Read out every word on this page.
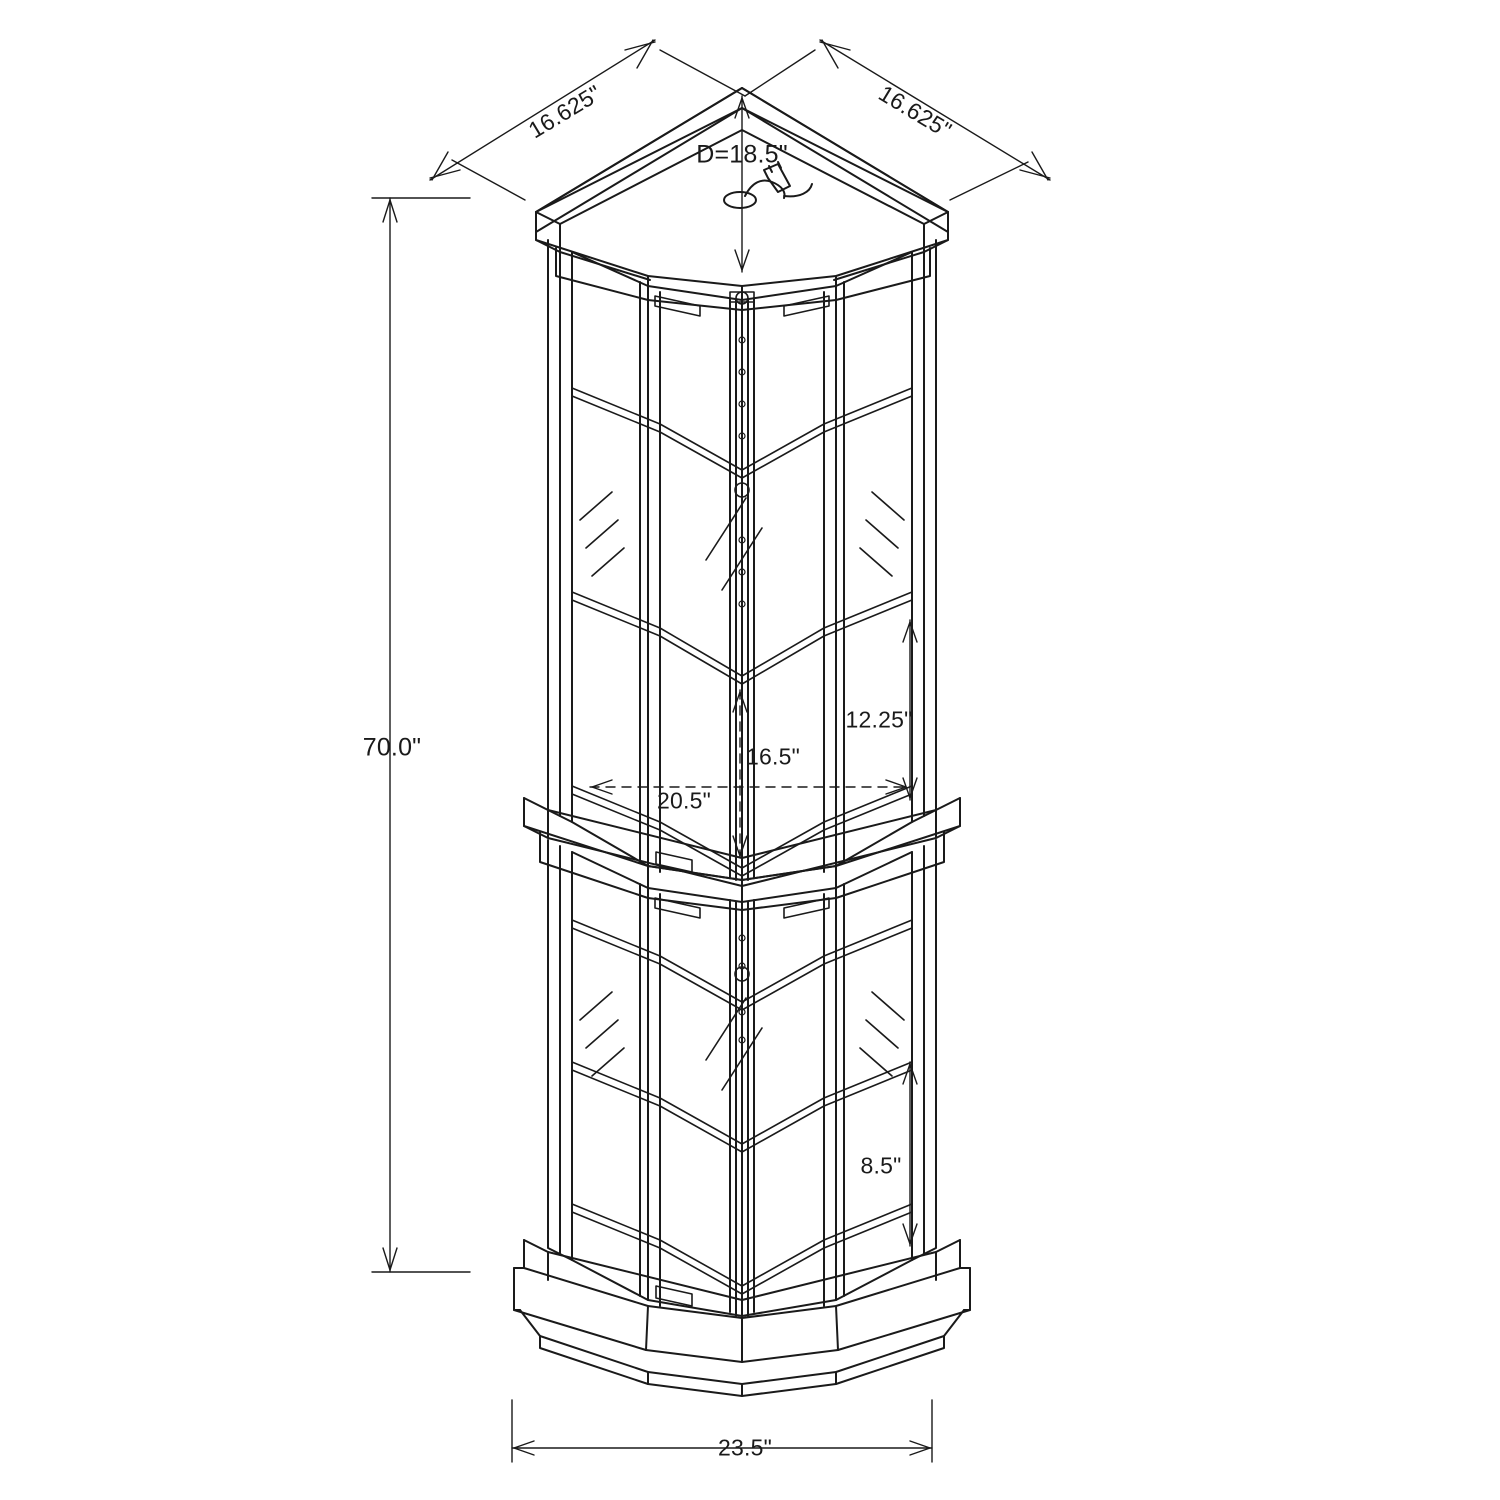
16.625"	16.625"
D=18.5"
70.0"
12.25"
16.5"
20.5"
8.5"
23.5"
